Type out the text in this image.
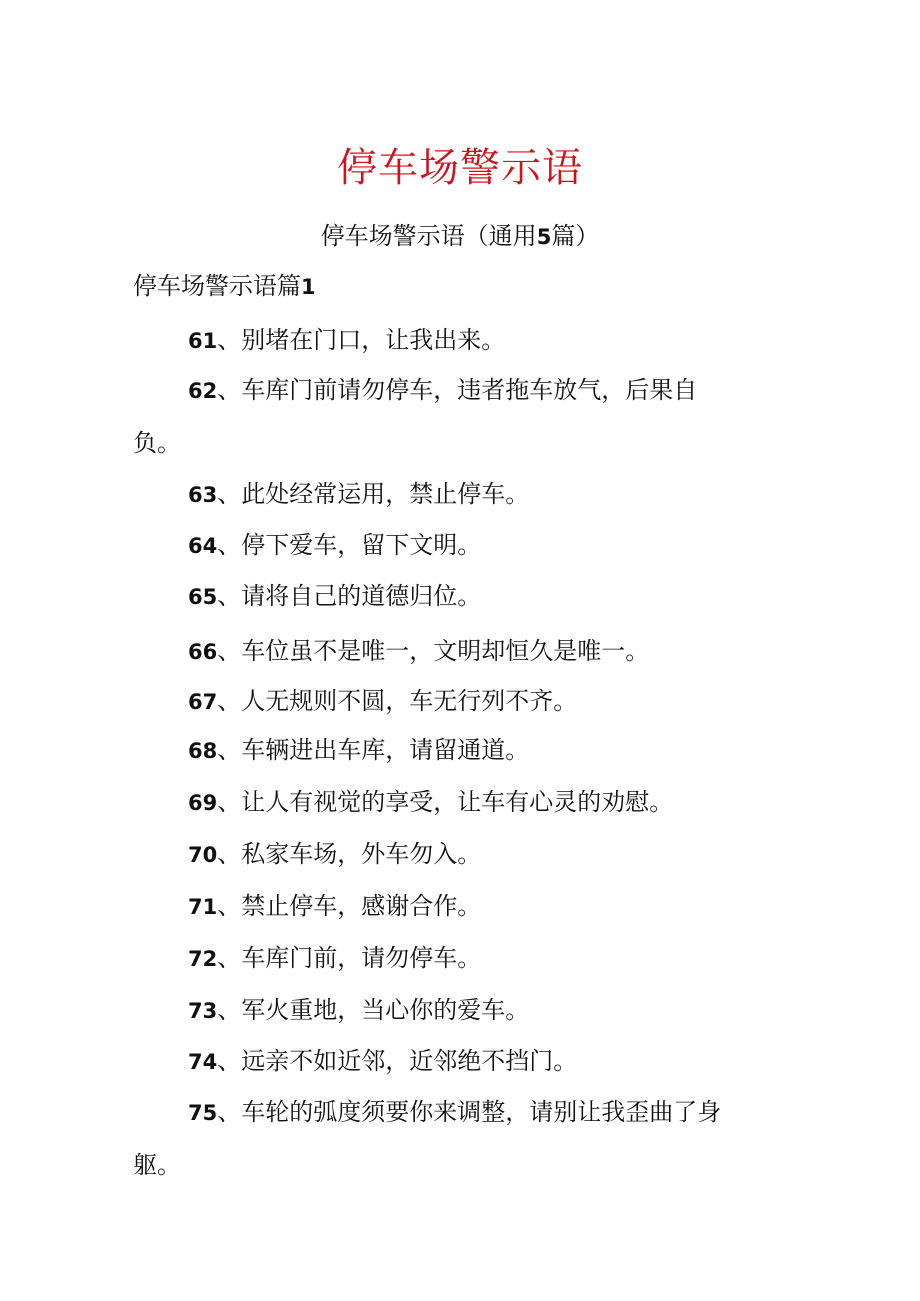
停车场警示语
停车场警示语（通用5篇）
停车场警示语篇1
61、别堵在门口，让我出来。
62、车库门前请勿停车，违者拖车放气，后果自
负。
63、此处经常运用，禁止停车。
64、停下爱车，留下文明。
65、请将自己的道德归位。
66、车位虽不是唯一，文明却恒久是唯一。
67、人无规则不圆，车无行列不齐。
68、车辆进出车库，请留通道。
69、让人有视觉的享受，让车有心灵的劝慰。
70、私家车场，外车勿入。
71、禁止停车，感谢合作。
72、车库门前，请勿停车。
73、军火重地，当心你的爱车。
74、远亲不如近邻，近邻绝不挡门。
75、车轮的弧度须要你来调整，请别让我歪曲了身
躯。
